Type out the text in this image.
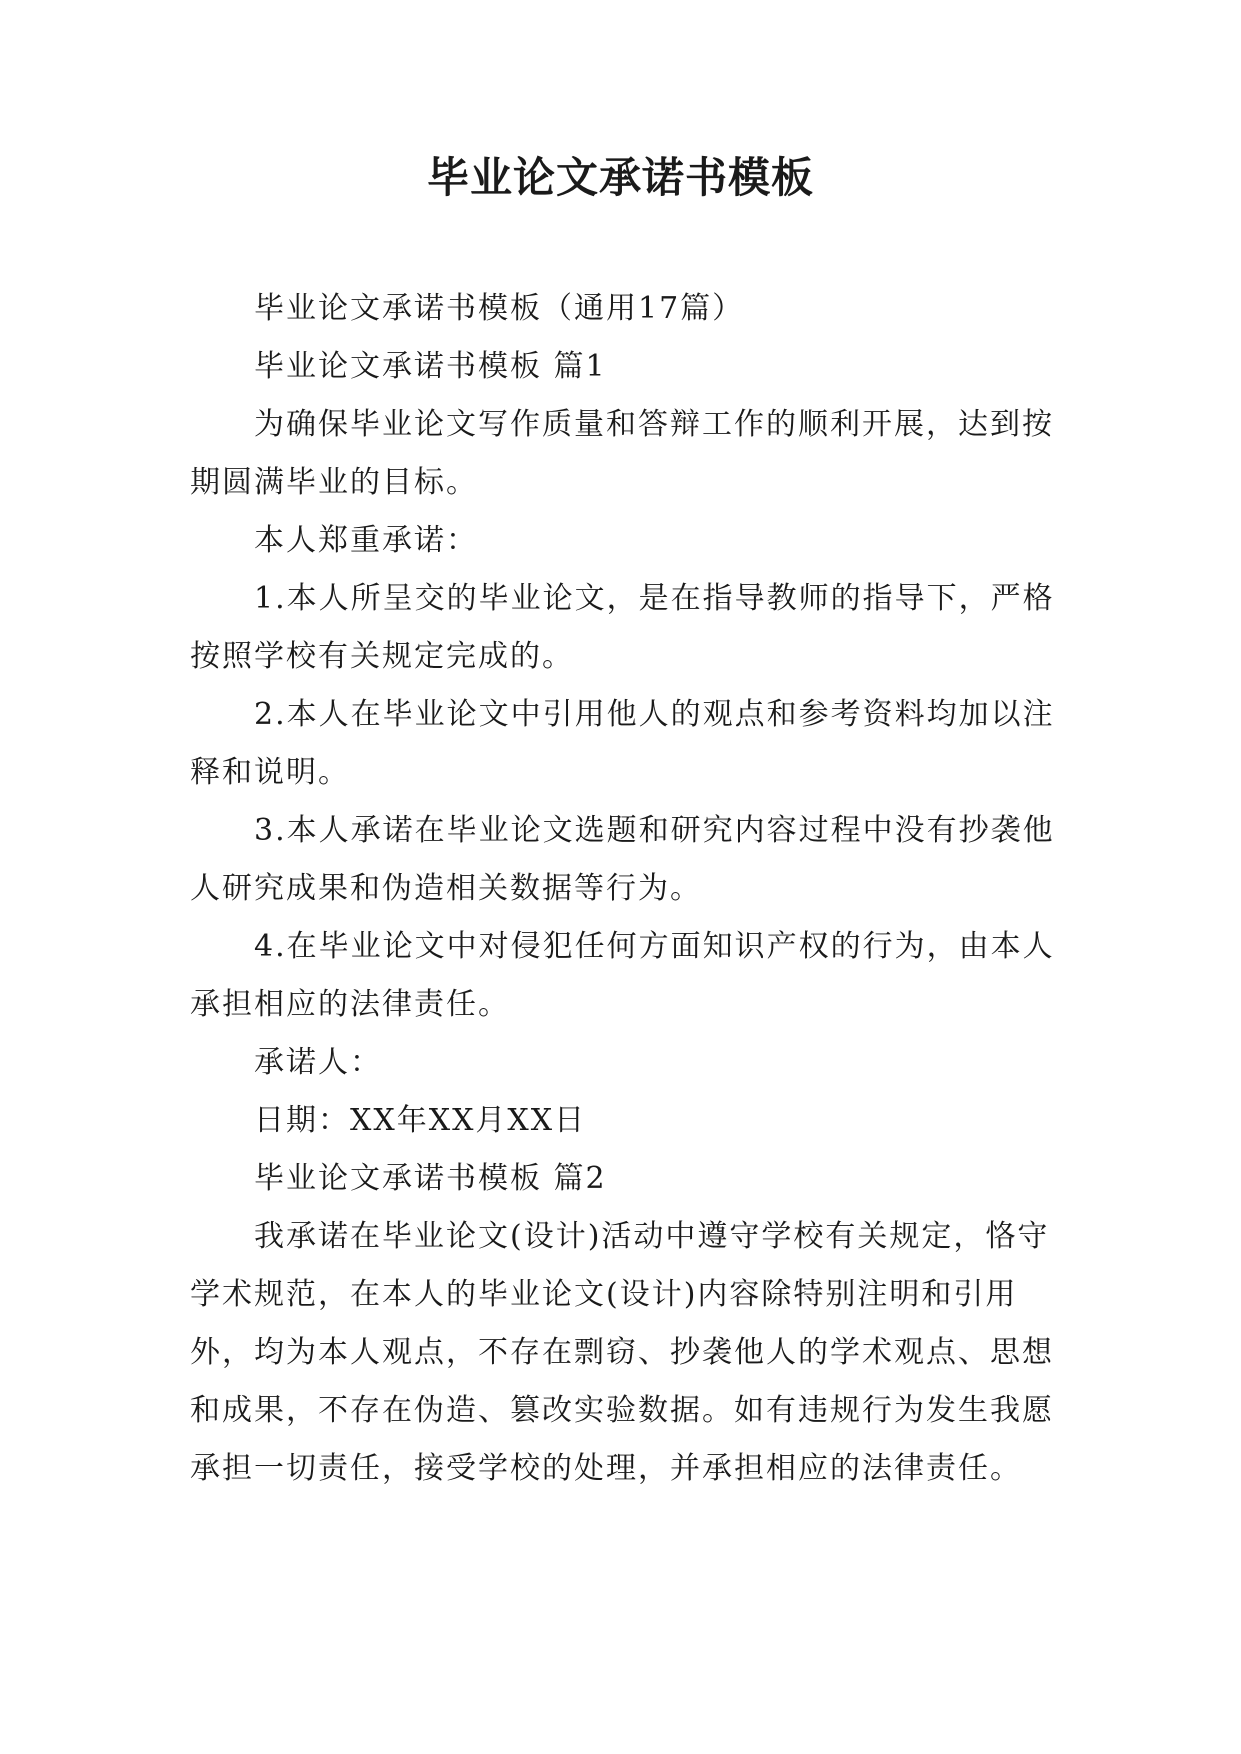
毕业论文承诺书模板

毕业论文承诺书模板（通用17篇）

毕业论文承诺书模板 篇1

为确保毕业论文写作质量和答辩工作的顺利开展，达到按期圆满毕业的目标。

本人郑重承诺：

1.本人所呈交的毕业论文，是在指导教师的指导下，严格按照学校有关规定完成的。

2.本人在毕业论文中引用他人的观点和参考资料均加以注释和说明。

3.本人承诺在毕业论文选题和研究内容过程中没有抄袭他人研究成果和伪造相关数据等行为。

4.在毕业论文中对侵犯任何方面知识产权的行为，由本人承担相应的法律责任。

承诺人：

日期：XX年XX月XX日

毕业论文承诺书模板 篇2

我承诺在毕业论文(设计)活动中遵守学校有关规定，恪守学术规范，在本人的毕业论文(设计)内容除特别注明和引用外，均为本人观点，不存在剽窃、抄袭他人的学术观点、思想和成果，不存在伪造、篡改实验数据。如有违规行为发生我愿承担一切责任，接受学校的处理，并承担相应的法律责任。
